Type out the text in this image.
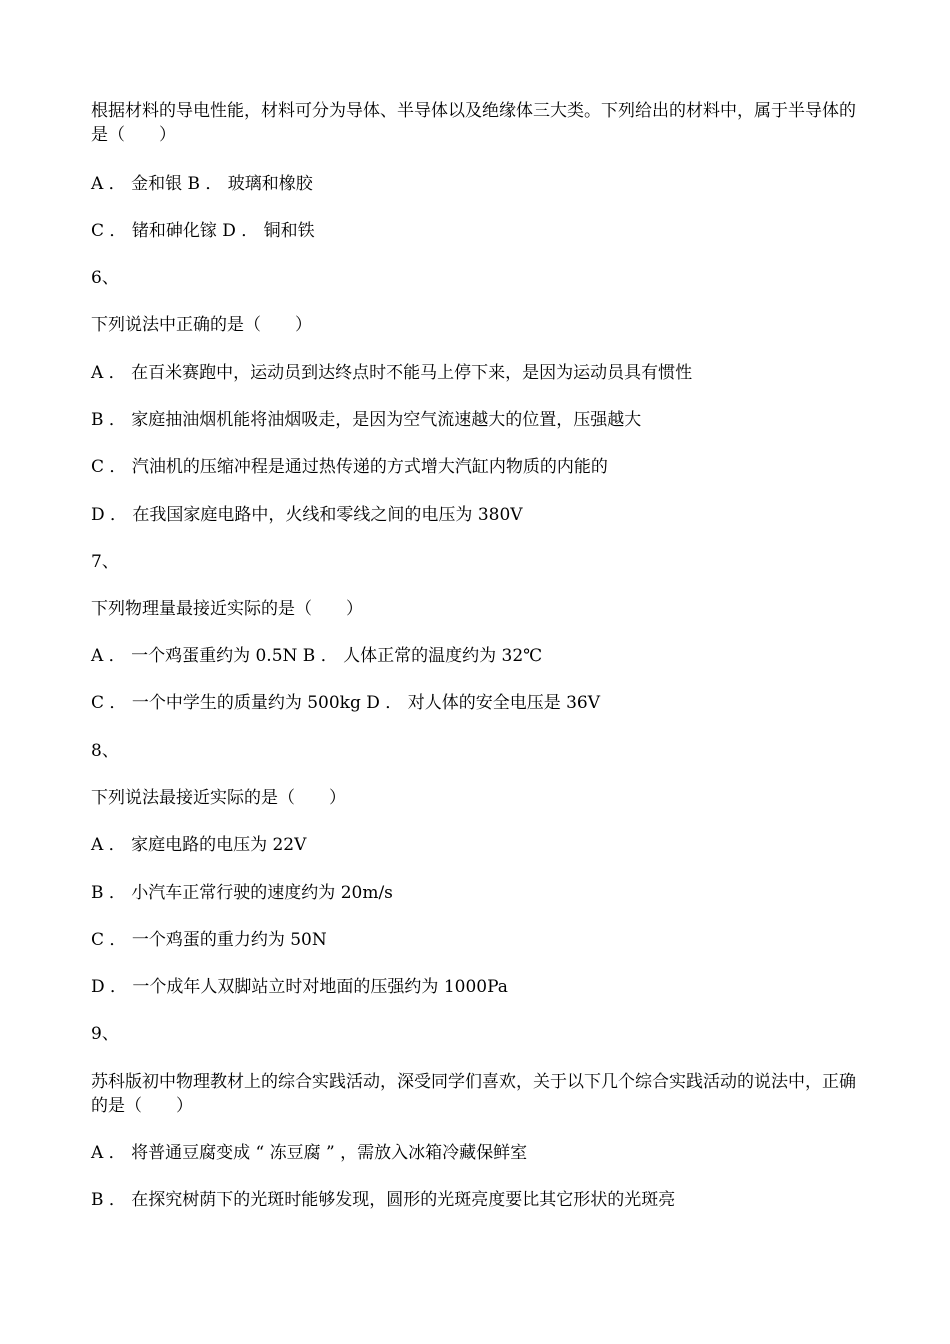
根据材料的导电性能，材料可分为导体、半导体以及绝缘体三大类。下列给出的材料中，属于半导体的是（　　）
A ． 金和银 B ． 玻璃和橡胶
C ． 锗和砷化镓 D ． 铜和铁
6、
下列说法中正确的是（　　）
A ． 在百米赛跑中，运动员到达终点时不能马上停下来，是因为运动员具有惯性
B ． 家庭抽油烟机能将油烟吸走，是因为空气流速越大的位置，压强越大
C ． 汽油机的压缩冲程是通过热传递的方式增大汽缸内物质的内能的
D ． 在我国家庭电路中，火线和零线之间的电压为 380V
7、
下列物理量最接近实际的是（　　）
A ． 一个鸡蛋重约为 0.5N B ． 人体正常的温度约为 32℃
C ． 一个中学生的质量约为 500kg D ． 对人体的安全电压是 36V
8、
下列说法最接近实际的是（　　）
A ． 家庭电路的电压为 22V
B ． 小汽车正常行驶的速度约为 20m/s
C ． 一个鸡蛋的重力约为 50N
D ． 一个成年人双脚站立时对地面的压强约为 1000Pa
9、
苏科版初中物理教材上的综合实践活动，深受同学们喜欢，关于以下几个综合实践活动的说法中，正确的是（　　）
A ． 将普通豆腐变成 “ 冻豆腐 ” ，需放入冰箱冷藏保鲜室
B ． 在探究树荫下的光斑时能够发现，圆形的光斑亮度要比其它形状的光斑亮
